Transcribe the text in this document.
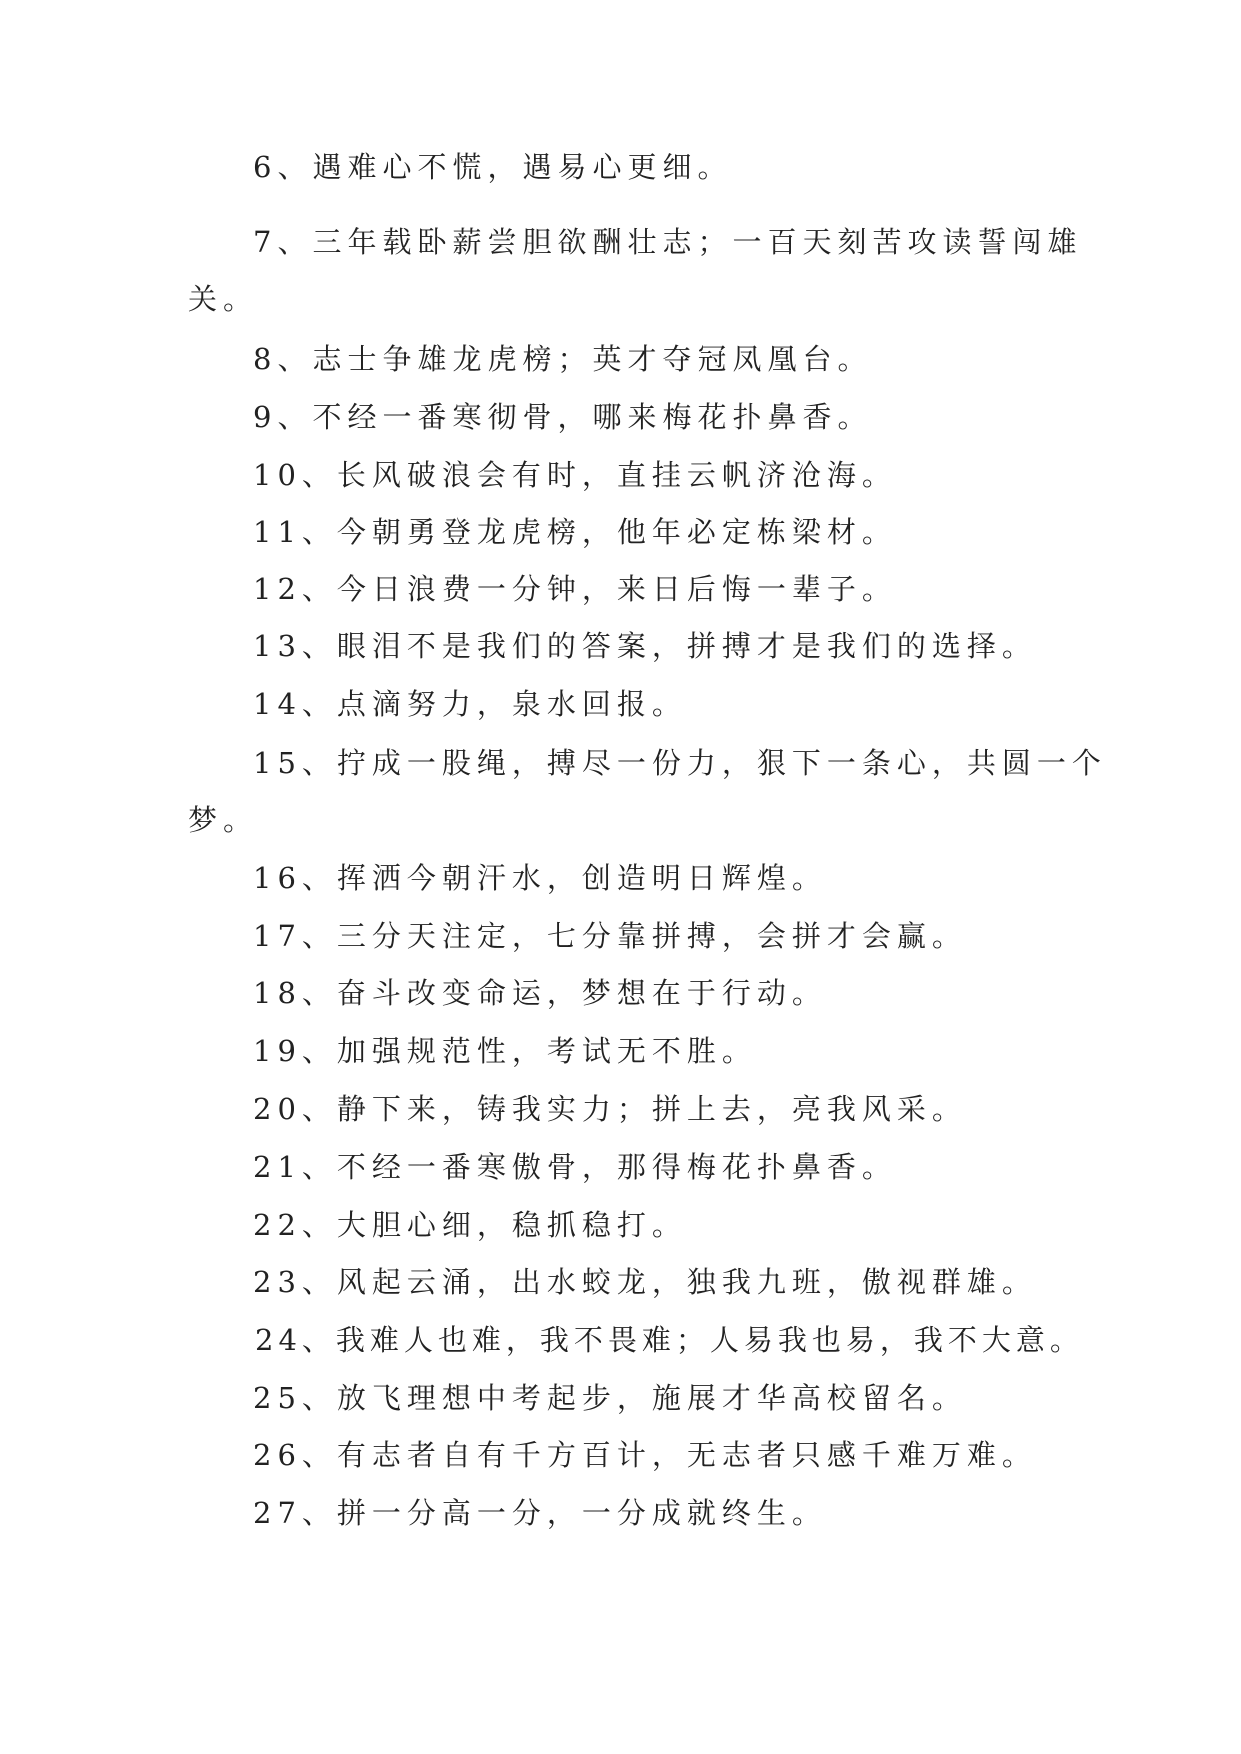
6、遇难心不慌，遇易心更细。
7、三年载卧薪尝胆欲酬壮志；一百天刻苦攻读誓闯雄
关。
8、志士争雄龙虎榜；英才夺冠凤凰台。
9、不经一番寒彻骨，哪来梅花扑鼻香。
10、长风破浪会有时，直挂云帆济沧海。
11、今朝勇登龙虎榜，他年必定栋梁材。
12、今日浪费一分钟，来日后悔一辈子。
13、眼泪不是我们的答案，拼搏才是我们的选择。
14、点滴努力，泉水回报。
15、拧成一股绳，搏尽一份力，狠下一条心，共圆一个
梦。
16、挥洒今朝汗水，创造明日辉煌。
17、三分天注定，七分靠拼搏，会拼才会赢。
18、奋斗改变命运，梦想在于行动。
19、加强规范性，考试无不胜。
20、静下来，铸我实力；拼上去，亮我风采。
21、不经一番寒傲骨，那得梅花扑鼻香。
22、大胆心细，稳抓稳打。
23、风起云涌，出水蛟龙，独我九班，傲视群雄。
24、我难人也难，我不畏难；人易我也易，我不大意。
25、放飞理想中考起步，施展才华高校留名。
26、有志者自有千方百计，无志者只感千难万难。
27、拼一分高一分，一分成就终生。
